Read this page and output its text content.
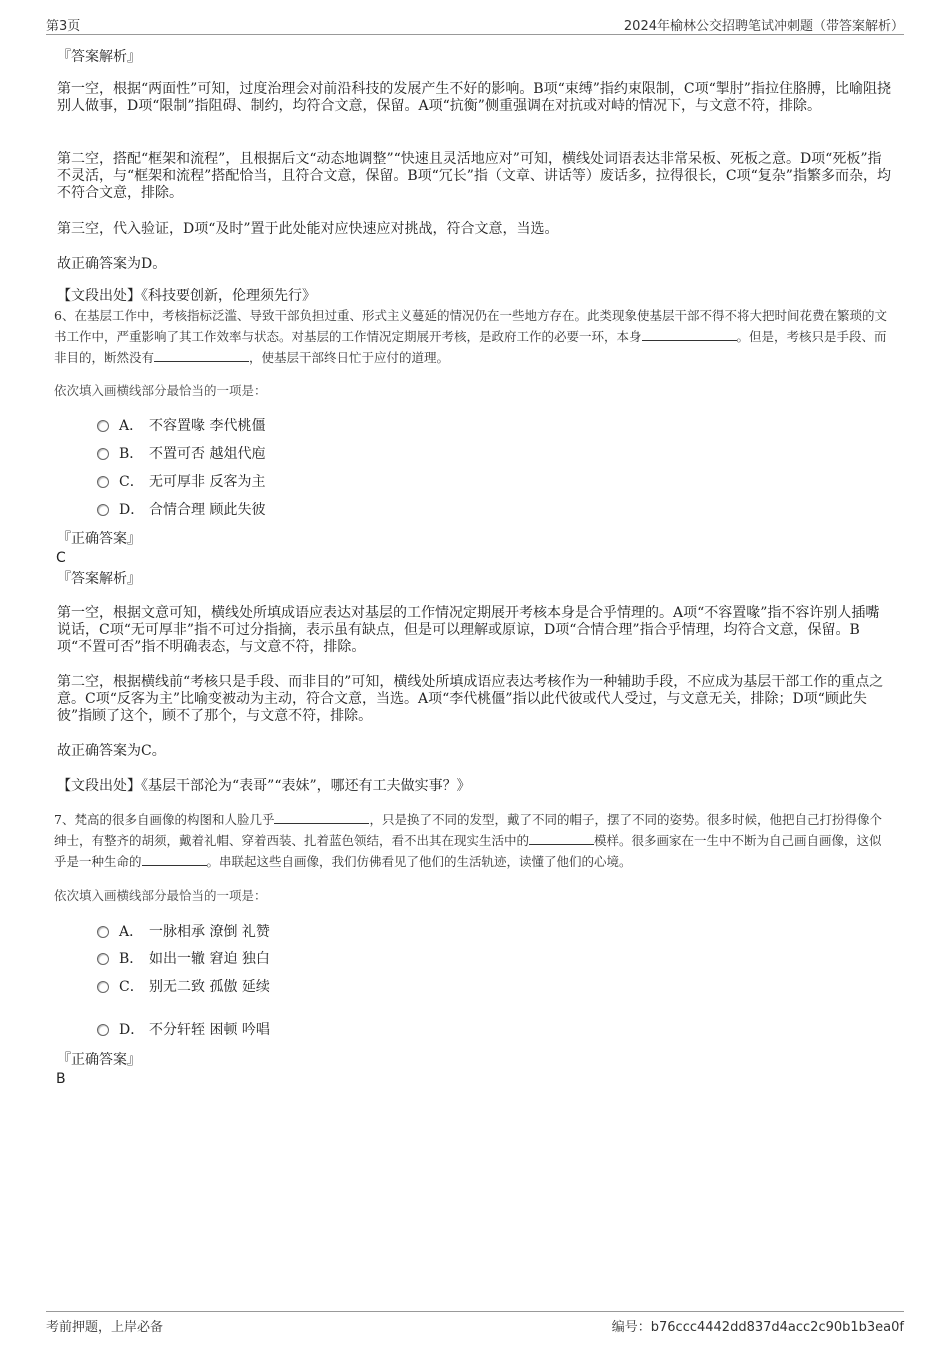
第3页	2024年榆林公交招聘笔试冲刺题（带答案解析）
『答案解析』

第一空，根据“两面性”可知，过度治理会对前沿科技的发展产生不好的影响。B项“束缚”指约束限制，C项“掣肘”指拉住胳膊，比喻阻挠别人做事，D项“限制”指阻碍、制约，均符合文意，保留。A项“抗衡”侧重强调在对抗或对峙的情况下，与文意不符，排除。

第二空，搭配“框架和流程”，且根据后文“动态地调整”“快速且灵活地应对”可知，横线处词语表达非常呆板、死板之意。D项“死板”指不灵活，与“框架和流程”搭配恰当，且符合文意，保留。B项“冗长”指（文章、讲话等）废话多，拉得很长，C项“复杂”指繁多而杂，均不符合文意，排除。

第三空，代入验证，D项“及时”置于此处能对应快速应对挑战，符合文意，当选。

故正确答案为D。

【文段出处】《科技要创新，伦理须先行》

6、在基层工作中，考核指标泛滥、导致干部负担过重、形式主义蔓延的情况仍在一些地方存在。此类现象使基层干部不得不将大把时间花费在繁琐的文书工作中，严重影响了其工作效率与状态。对基层的工作情况定期展开考核，是政府工作的必要一环，本身	。但是，考核只是手段、而非目的，断然没有	，使基层干部终日忙于应付的道理。

依次填入画横线部分最恰当的一项是：
A． 不容置喙 李代桃僵
B． 不置可否 越俎代庖
C． 无可厚非 反客为主
D． 合情合理 顾此失彼
『正确答案』
C
『答案解析』

第一空，根据文意可知，横线处所填成语应表达对基层的工作情况定期展开考核本身是合乎情理的。A项“不容置喙”指不容许别人插嘴说话，C项“无可厚非”指不可过分指摘，表示虽有缺点，但是可以理解或原谅，D项“合情合理”指合乎情理，均符合文意，保留。B项“不置可否”指不明确表态，与文意不符，排除。

第二空，根据横线前“考核只是手段、而非目的”可知，横线处所填成语应表达考核作为一种辅助手段，不应成为基层干部工作的重点之意。C项“反客为主”比喻变被动为主动，符合文意，当选。A项“李代桃僵”指以此代彼或代人受过，与文意无关，排除；D项“顾此失彼”指顾了这个，顾不了那个，与文意不符，排除。

故正确答案为C。

【文段出处】《基层干部沦为“表哥”“表妹”，哪还有工夫做实事？》

7、梵高的很多自画像的构图和人脸几乎	，只是换了不同的发型，戴了不同的帽子，摆了不同的姿势。很多时候，他把自己打扮得像个绅士，有整齐的胡须，戴着礼帽、穿着西装、扎着蓝色领结，看不出其在现实生活中的	模样。很多画家在一生中不断为自己画自画像，这似乎是一种生命的	。串联起这些自画像，我们仿佛看见了他们的生活轨迹，读懂了他们的心境。

依次填入画横线部分最恰当的一项是：
A． 一脉相承 潦倒 礼赞
B． 如出一辙 窘迫 独白
C． 别无二致 孤傲 延续
D． 不分轩轾 困顿 吟唱
『正确答案』
B
考前押题，上岸必备	编号：b76ccc4442dd837d4acc2c90b1b3ea0f
